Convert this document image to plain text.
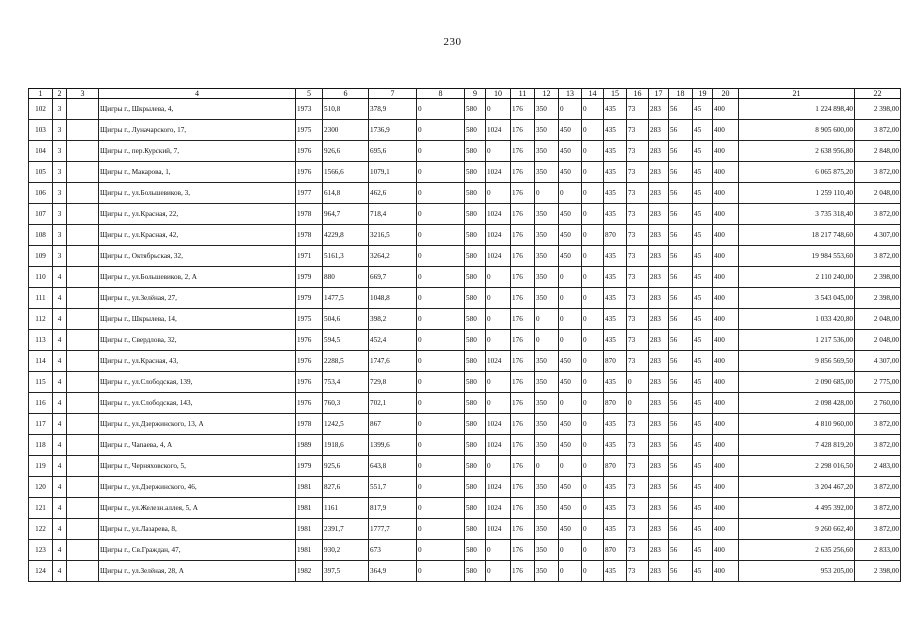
230
1	2	3	4	5	6	7	8	9	10	11	12	13	14	15	16	17	18	19	20	21	22
102	3		Щигры г., Шкрылева, 4,	1973	510,8	378,9	0	580	0	176	350	0	0	435	73	283	56	45	400	1 224 898,40	2 398,00
103	3		Щигры г., Луначарского, 17,	1975	2300	1736,9	0	580	1024	176	350	450	0	435	73	283	56	45	400	8 905 600,00	3 872,00
104	3		Щигры г., пер.Курский, 7,	1976	926,6	695,6	0	580	0	176	350	450	0	435	73	283	56	45	400	2 638 956,80	2 848,00
105	3		Щигры г., Макарова, 1,	1976	1566,6	1079,1	0	580	1024	176	350	450	0	435	73	283	56	45	400	6 065 875,20	3 872,00
106	3		Щигры г., ул.Большевиков, 3,	1977	614,8	462,6	0	580	0	176	0	0	0	435	73	283	56	45	400	1 259 110,40	2 048,00
107	3		Щигры г., ул.Красная, 22,	1978	964,7	718,4	0	580	1024	176	350	450	0	435	73	283	56	45	400	3 735 318,40	3 872,00
108	3		Щигры г., ул.Красная, 42,	1978	4229,8	3216,5	0	580	1024	176	350	450	0	870	73	283	56	45	400	18 217 748,60	4 307,00
109	3		Щигры г., Октябрьская, 32,	1971	5161,3	3264,2	0	580	1024	176	350	450	0	435	73	283	56	45	400	19 984 553,60	3 872,00
110	4		Щигры г., ул.Большевиков, 2, А	1979	880	669,7	0	580	0	176	350	0	0	435	73	283	56	45	400	2 110 240,00	2 398,00
111	4		Щигры г., ул.Зелёная, 27,	1979	1477,5	1048,8	0	580	0	176	350	0	0	435	73	283	56	45	400	3 543 045,00	2 398,00
112	4		Щигры г., Шкрылева, 14,	1975	504,6	398,2	0	580	0	176	0	0	0	435	73	283	56	45	400	1 033 420,80	2 048,00
113	4		Щигры г., Свердлова, 32,	1976	594,5	452,4	0	580	0	176	0	0	0	435	73	283	56	45	400	1 217 536,00	2 048,00
114	4		Щигры г., ул.Красная, 43,	1976	2288,5	1747,6	0	580	1024	176	350	450	0	870	73	283	56	45	400	9 856 569,50	4 307,00
115	4		Щигры г., ул.Слободская, 139,	1976	753,4	729,8	0	580	0	176	350	450	0	435	0	283	56	45	400	2 090 685,00	2 775,00
116	4		Щигры г., ул.Слободская, 143,	1976	760,3	702,1	0	580	0	176	350	0	0	870	0	283	56	45	400	2 098 428,00	2 760,00
117	4		Щигры г., ул.Дзержинского, 13, А	1978	1242,5	867	0	580	1024	176	350	450	0	435	73	283	56	45	400	4 810 960,00	3 872,00
118	4		Щигры г., Чапаева, 4, А	1989	1918,6	1399,6	0	580	1024	176	350	450	0	435	73	283	56	45	400	7 428 819,20	3 872,00
119	4		Щигры г., Черняховского, 5,	1979	925,6	643,8	0	580	0	176	0	0	0	870	73	283	56	45	400	2 298 016,50	2 483,00
120	4		Щигры г., ул.Дзержинского, 46,	1981	827,6	551,7	0	580	1024	176	350	450	0	435	73	283	56	45	400	3 204 467,20	3 872,00
121	4		Щигры г., ул.Железн.аллея, 5, А	1981	1161	817,9	0	580	1024	176	350	450	0	435	73	283	56	45	400	4 495 392,00	3 872,00
122	4		Щигры г., ул.Лазарева, 8,	1981	2391,7	1777,7	0	580	1024	176	350	450	0	435	73	283	56	45	400	9 260 662,40	3 872,00
123	4		Щигры г., Св.Граждан, 47,	1981	930,2	673	0	580	0	176	350	0	0	870	73	283	56	45	400	2 635 256,60	2 833,00
124	4		Щигры г., ул.Зелёная, 28, А	1982	397,5	364,9	0	580	0	176	350	0	0	435	73	283	56	45	400	953 205,00	2 398,00
